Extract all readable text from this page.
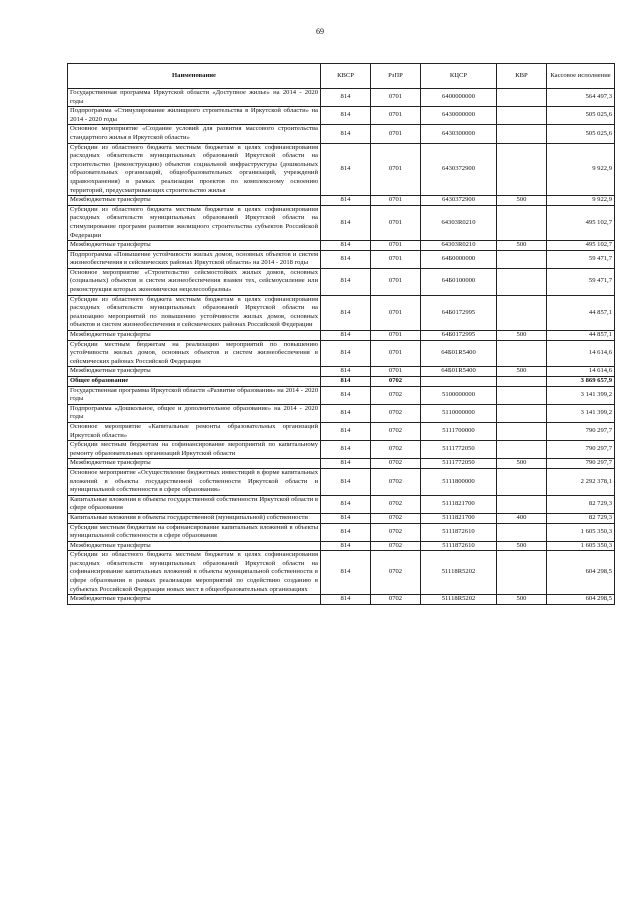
69
Наименование	КВСР	РзПР	КЦСР	КВР	Кассовое исполнение
Государственная программа Иркутской области «Доступное жилье» на 2014 - 2020 годы	814	0701	6400000000		564 497,3
Подпрограмма «Стимулирование жилищного строительства в Иркутской области» на 2014 - 2020 годы	814	0701	6430000000		505 025,6
Основное мероприятие «Создание условий для развития массового строительства стандартного жилья в Иркутской области»	814	0701	6430300000		505 025,6
Субсидии из областного бюджета местным бюджетам в целях софинансирования расходных обязательств муниципальных образований Иркутской области на строительство (реконструкцию) объектов социальной инфраструктуры (дошкольных образовательных организаций, общеобразовательных организаций, учреждений здравоохранения) в рамках реализации проектов по комплексному освоению территорий, предусматривающих строительство жилья	814	0701	6430372900		9 922,9
Межбюджетные трансферты	814	0701	6430372900	500	9 922,9
Субсидии из областного бюджета местным бюджетам в целях софинансирования расходных обязательств муниципальных образований Иркутской области на стимулирование программ развития жилищного строительства субъектов Российской Федерации	814	0701	64303R0210		495 102,7
Межбюджетные трансферты	814	0701	64303R0210	500	495 102,7
Подпрограмма «Повышение устойчивости жилых домов, основных объектов и систем жизнеобеспечения в сейсмических районах Иркутской области» на 2014 - 2018 годы	814	0701	64Б0000000		59 471,7
Основное мероприятие «Строительство сейсмостойких жилых домов, основных (социальных) объектов и систем жизнеобеспечения взамен тех, сейсмоусиление или реконструкция которых экономически нецелесообразны»	814	0701	64Б0100000		59 471,7
Субсидии из областного бюджета местным бюджетам в целях софинансирования расходных обязательств муниципальных образований Иркутской области на реализацию мероприятий по повышению устойчивости жилых домов, основных объектов и систем жизнеобеспечения в сейсмических районах Российской Федерации	814	0701	64Б0172995		44 857,1
Межбюджетные трансферты	814	0701	64Б0172995	500	44 857,1
Субсидии местным бюджетам на реализацию мероприятий по повышению устойчивости жилых домов, основных объектов и систем жизнеобеспечения в сейсмических районах Российской Федерации	814	0701	64Б01R5400		14 614,6
Межбюджетные трансферты	814	0701	64Б01R5400	500	14 614,6
Общее образование	814	0702			3 869 657,9
Государственная программа Иркутской области «Развитие образования» на 2014 - 2020 годы	814	0702	5100000000		3 141 399,2
Подпрограмма «Дошкольное, общее и дополнительное образование» на 2014 - 2020 годы	814	0702	5110000000		3 141 399,2
Основное мероприятие «Капитальные ремонты образовательных организаций Иркутской области»	814	0702	5111700000		790 297,7
Субсидии местным бюджетам на софинансирование мероприятий по капитальному ремонту образовательных организаций Иркутской области	814	0702	5111772050		790 297,7
Межбюджетные трансферты	814	0702	5111772050	500	790 297,7
Основное мероприятие «Осуществление бюджетных инвестиций в форме капитальных вложений в объекты государственной собственности Иркутской области и муниципальной собственности в сфере образования»	814	0702	5111800000		2 292 378,1
Капитальные вложения в объекты государственной собственности Иркутской области в сфере образования	814	0702	5111821700		82 729,3
Капитальные вложения в объекты государственной (муниципальной) собственности	814	0702	5111821700	400	82 729,3
Субсидии местным бюджетам на софинансирование капитальных вложений в объекты муниципальной собственности в сфере образования	814	0702	5111872610		1 605 350,3
Межбюджетные трансферты	814	0702	5111872610	500	1 605 350,3
Субсидии из областного бюджета местным бюджетам в целях софинансирования расходных обязательств муниципальных образований Иркутской области на софинансирование капитальных вложений в объекты муниципальной собственности в сфере образования в рамках реализации мероприятий по содействию созданию в субъектах Российской Федерации новых мест в общеобразовательных организациях	814	0702	51118R5202		604 298,5
Межбюджетные трансферты	814	0702	51118R5202	500	604 298,5
